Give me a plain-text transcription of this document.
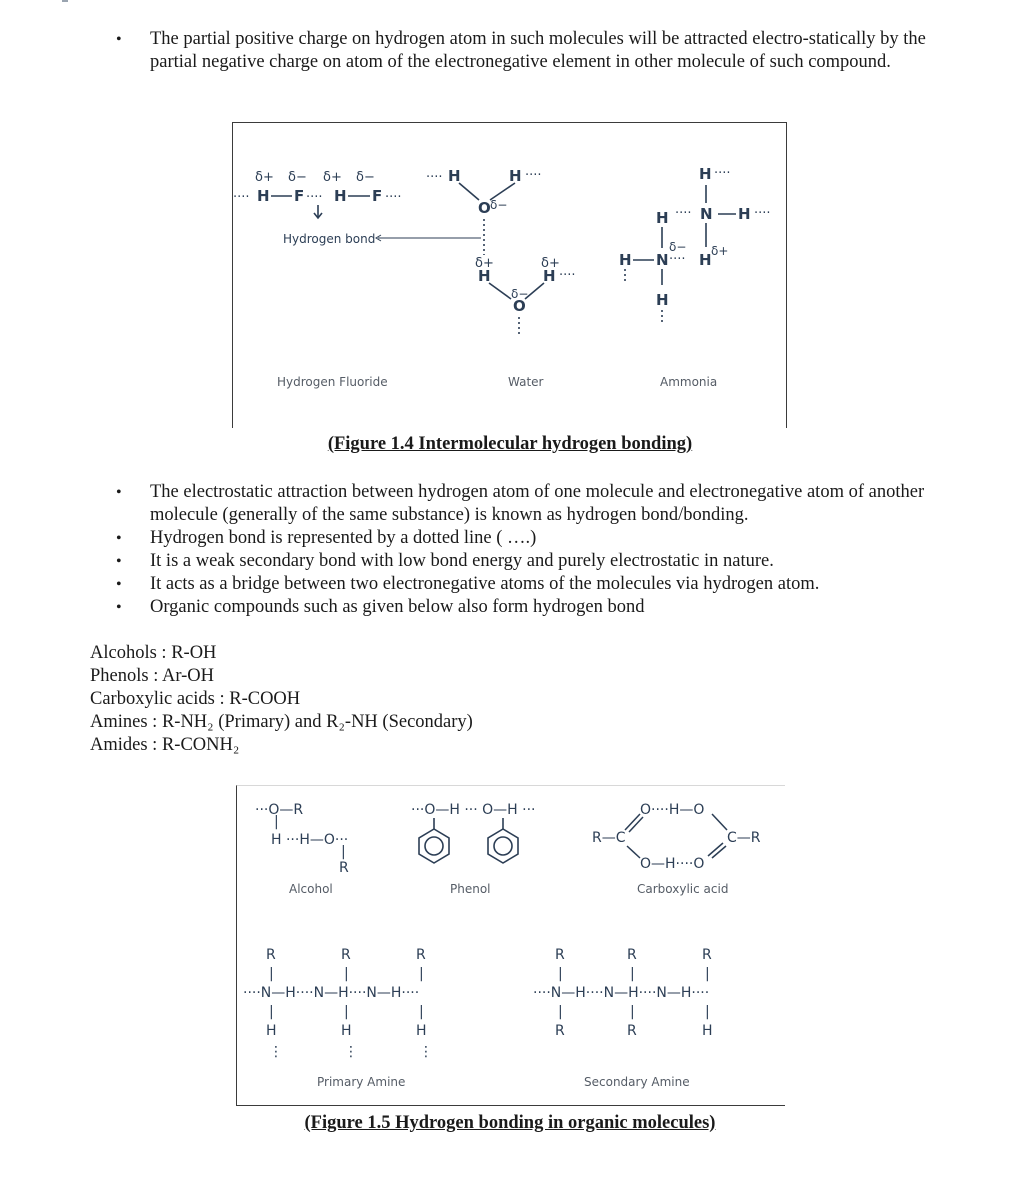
• The partial positive charge on hydrogen atom in such molecules will be attracted electro-statically by the partial negative charge on atom of the electronegative element in other molecule of such compound.
δ+ δ− δ+ δ−
···· H F ···· H F ····
Hydrogen bond
···· H	H ····
O δ−
δ+
H
δ+
H ····
δ−
O
H ····
H ···· N H ····
H N
δ−
···· H δ+
H
Hydrogen Fluoride	Water	Ammonia
(Figure 1.4 Intermolecular hydrogen bonding)
• The electrostatic attraction between hydrogen atom of one molecule and electronegative atom of another molecule (generally of the same substance) is known as hydrogen bond/bonding.
• Hydrogen bond is represented by a dotted line ( ….)
• It is a weak secondary bond with low bond energy and purely electrostatic in nature.
• It acts as a bridge between two electronegative atoms of the molecules via hydrogen atom.
• Organic compounds such as given below also form hydrogen bond
Alcohols : R-OH
Phenols : Ar-OH
Carboxylic acids : R-COOH
Amines : R-NH₂ (Primary) and R₂-NH (Secondary)
Amides : R-CONH₂
···O—R
|
H ···H—O···
|
R
···O—H ··· O—H ···	O····H—O
R—C	C—R
O—H····O
Alcohol	Phenol	Carboxylic acid
R	R	R
|	|	|
····N—H····N—H····N—H····
|	|	|
H	H	H
⋮	⋮	⋮
R	R	R
|	|	|
····N—H····N—H····N—H····
|	|	|
R	R	H
Primary Amine	Secondary Amine
(Figure 1.5 Hydrogen bonding in organic molecules)
